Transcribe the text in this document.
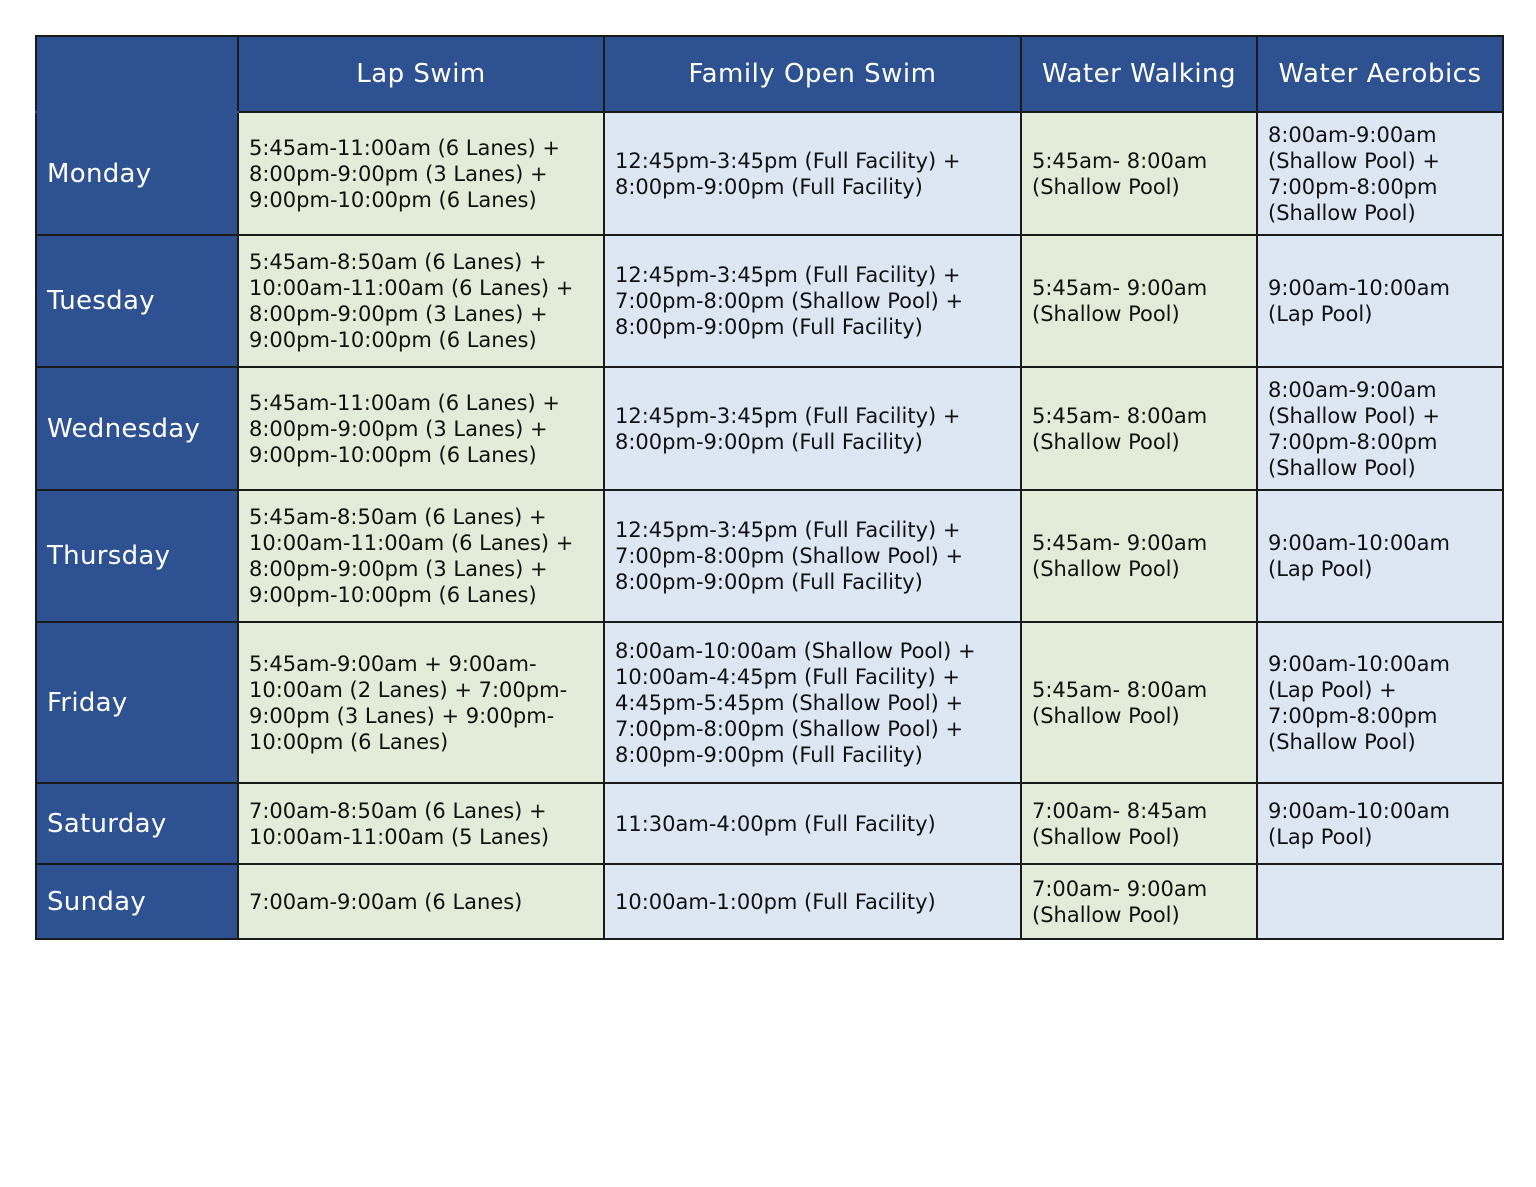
	Lap Swim	Family Open Swim	Water Walking	Water Aerobics
Monday	5:45am-11:00am (6 Lanes) +
8:00pm-9:00pm (3 Lanes) +
9:00pm-10:00pm (6 Lanes)	12:45pm-3:45pm (Full Facility) +
8:00pm-9:00pm (Full Facility)	5:45am- 8:00am
(Shallow Pool)	8:00am-9:00am
(Shallow Pool) +
7:00pm-8:00pm
(Shallow Pool)
Tuesday	5:45am-8:50am (6 Lanes) +
10:00am-11:00am (6 Lanes) +
8:00pm-9:00pm (3 Lanes) +
9:00pm-10:00pm (6 Lanes)	12:45pm-3:45pm (Full Facility) +
7:00pm-8:00pm (Shallow Pool) +
8:00pm-9:00pm (Full Facility)	5:45am- 9:00am
(Shallow Pool)	9:00am-10:00am
(Lap Pool)
Wednesday	5:45am-11:00am (6 Lanes) +
8:00pm-9:00pm (3 Lanes) +
9:00pm-10:00pm (6 Lanes)	12:45pm-3:45pm (Full Facility) +
8:00pm-9:00pm (Full Facility)	5:45am- 8:00am
(Shallow Pool)	8:00am-9:00am
(Shallow Pool) +
7:00pm-8:00pm
(Shallow Pool)
Thursday	5:45am-8:50am (6 Lanes) +
10:00am-11:00am (6 Lanes) +
8:00pm-9:00pm (3 Lanes) +
9:00pm-10:00pm (6 Lanes)	12:45pm-3:45pm (Full Facility) +
7:00pm-8:00pm (Shallow Pool) +
8:00pm-9:00pm (Full Facility)	5:45am- 9:00am
(Shallow Pool)	9:00am-10:00am
(Lap Pool)
Friday	5:45am-9:00am + 9:00am-
10:00am (2 Lanes) + 7:00pm-
9:00pm (3 Lanes) + 9:00pm-
10:00pm (6 Lanes)	8:00am-10:00am (Shallow Pool) +
10:00am-4:45pm (Full Facility) +
4:45pm-5:45pm (Shallow Pool) +
7:00pm-8:00pm (Shallow Pool) +
8:00pm-9:00pm (Full Facility)	5:45am- 8:00am
(Shallow Pool)	9:00am-10:00am
(Lap Pool) +
7:00pm-8:00pm
(Shallow Pool)
Saturday	7:00am-8:50am (6 Lanes) +
10:00am-11:00am (5 Lanes)	11:30am-4:00pm (Full Facility)	7:00am- 8:45am
(Shallow Pool)	9:00am-10:00am
(Lap Pool)
Sunday	7:00am-9:00am (6 Lanes)	10:00am-1:00pm (Full Facility)	7:00am- 9:00am
(Shallow Pool)	
